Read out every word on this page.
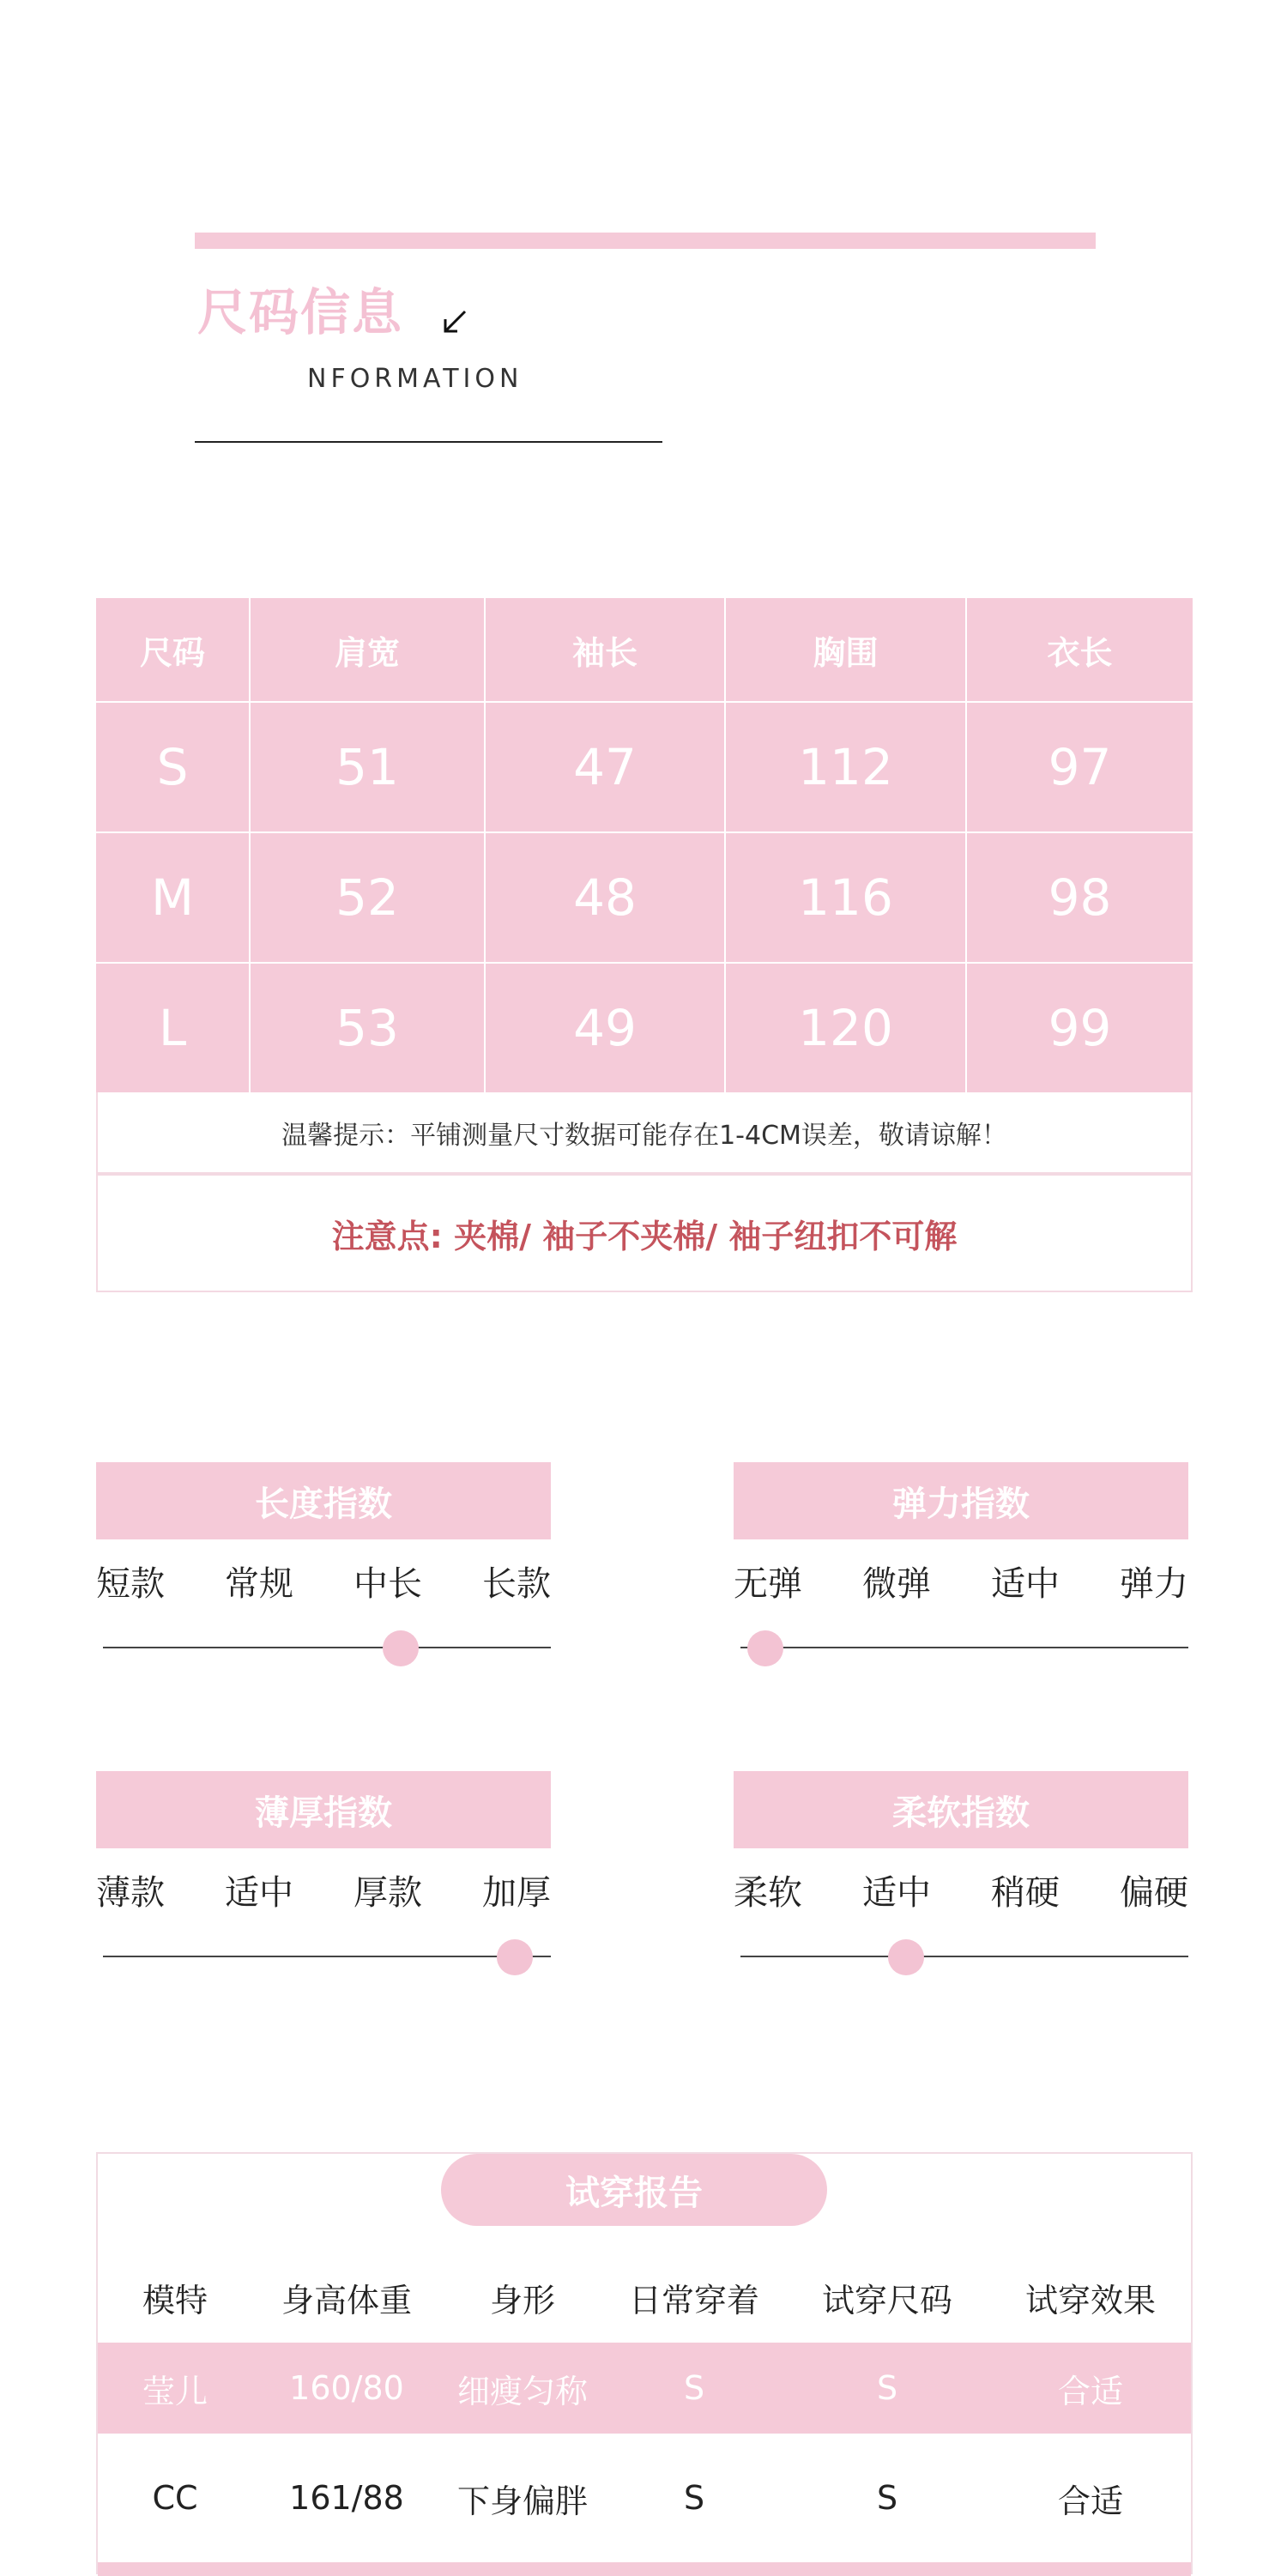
尺码信息
NFORMATION
尺码	肩宽	袖长	胸围	衣长
S	51	47	112	97
M	52	48	116	98
L	53	49	120	99
温馨提示：平铺测量尺寸数据可能存在1-4CM误差，敬请谅解！
注意点: 夹棉/ 袖子不夹棉/ 袖子纽扣不可解
长度指数
短款 常规 中长 长款
弹力指数
无弹 微弹 适中 弹力
薄厚指数
薄款 适中 厚款 加厚
柔软指数
柔软 适中 稍硬 偏硬
试穿报告
模特	身高体重	身形	日常穿着	试穿尺码	试穿效果
莹儿	160/80	细瘦匀称	S	S	合适
CC	161/88	下身偏胖	S	S	合适
